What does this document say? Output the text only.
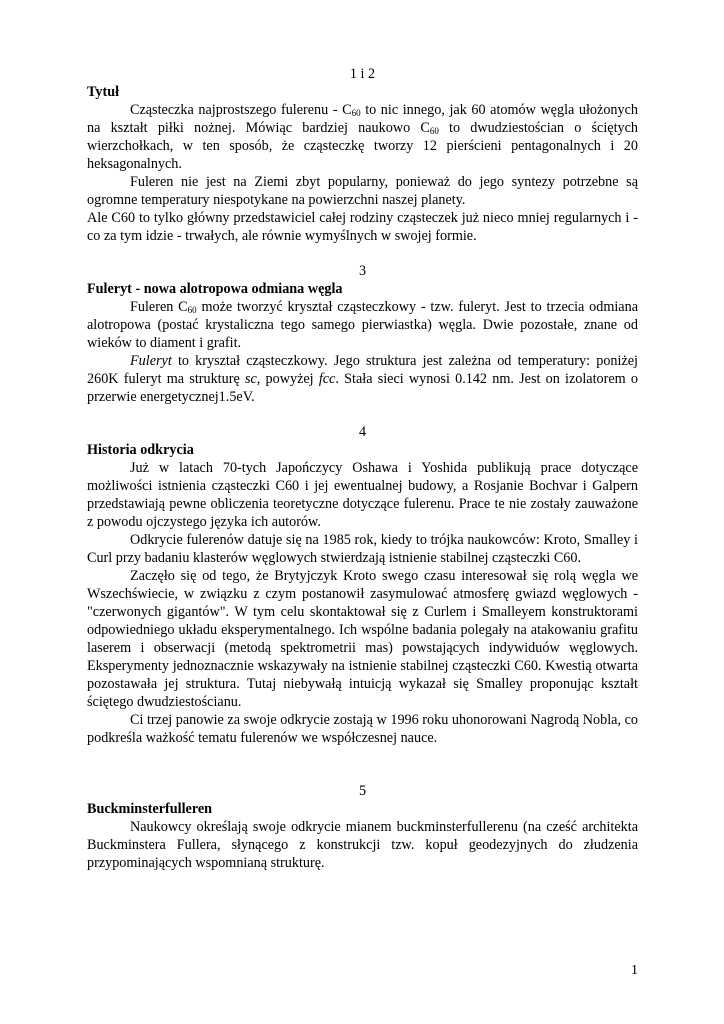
1 i 2
Tytuł

Cząsteczka najprostszego fulerenu - $C_{60}$ to nic innego, jak 60 atomów węgla ułożonych na kształt piłki nożnej. Mówiąc bardziej naukowo $C_{60}$ to dwudziestościan o ściętych wierzchołkach, w ten sposób, że cząsteczkę tworzy 12 pierścieni pentagonalnych i 20 heksagonalnych.

Fuleren nie jest na Ziemi zbyt popularny, ponieważ do jego syntezy potrzebne są ogromne temperatury niespotykane na powierzchni naszej planety.

Ale C60 to tylko główny przedstawiciel całej rodziny cząsteczek już nieco mniej regularnych i - co za tym idzie - trwałych, ale równie wymyślnych w swojej formie.

3
Fuleryt - nowa alotropowa odmiana węgla

Fuleren $C_{60}$ może tworzyć kryształ cząsteczkowy - tzw. fuleryt. Jest to trzecia odmiana alotropowa (postać krystaliczna tego samego pierwiastka) węgla. Dwie pozostałe, znane od wieków to diament i grafit.

Fuleryt to kryształ cząsteczkowy. Jego struktura jest zależna od temperatury: poniżej 260K fuleryt ma strukturę sc, powyżej fcc. Stała sieci wynosi 0.142 nm. Jest on izolatorem o przerwie energetycznej1.5eV.

4
Historia odkrycia

Już w latach 70-tych Japończycy Oshawa i Yoshida publikują prace dotyczące możliwości istnienia cząsteczki C60 i jej ewentualnej budowy, a Rosjanie Bochvar i Galpern przedstawiają pewne obliczenia teoretyczne dotyczące fulerenu. Prace te nie zostały zauważone z powodu ojczystego języka ich autorów.

Odkrycie fulerenów datuje się na 1985 rok, kiedy to trójka naukowców: Kroto, Smalley i Curl przy badaniu klasterów węglowych stwierdzają istnienie stabilnej cząsteczki C60.

Zaczęło się od tego, że Brytyjczyk Kroto swego czasu interesował się rolą węgla we Wszechświecie, w związku z czym postanowił zasymulować atmosferę gwiazd węglowych - "czerwonych gigantów". W tym celu skontaktował się z Curlem i Smalleyem konstruktorami odpowiedniego układu eksperymentalnego. Ich wspólne badania polegały na atakowaniu grafitu laserem i obserwacji (metodą spektrometrii mas) powstających indywiduów węglowych. Eksperymenty jednoznacznie wskazywały na istnienie stabilnej cząsteczki C60. Kwestią otwarta pozostawała jej struktura. Tutaj niebywałą intuicją wykazał się Smalley proponując kształt ściętego dwudziestościanu.

Ci trzej panowie za swoje odkrycie zostają w 1996 roku uhonorowani Nagrodą Nobla, co podkreśla ważkość tematu fulerenów we współczesnej nauce.

5
Buckminsterfulleren

Naukowcy określają swoje odkrycie mianem buckminsterfullerenu (na cześć architekta Buckminstera Fullera, słynącego z konstrukcji tzw. kopuł geodezyjnych do złudzenia przypominających wspomnianą strukturę.

1
